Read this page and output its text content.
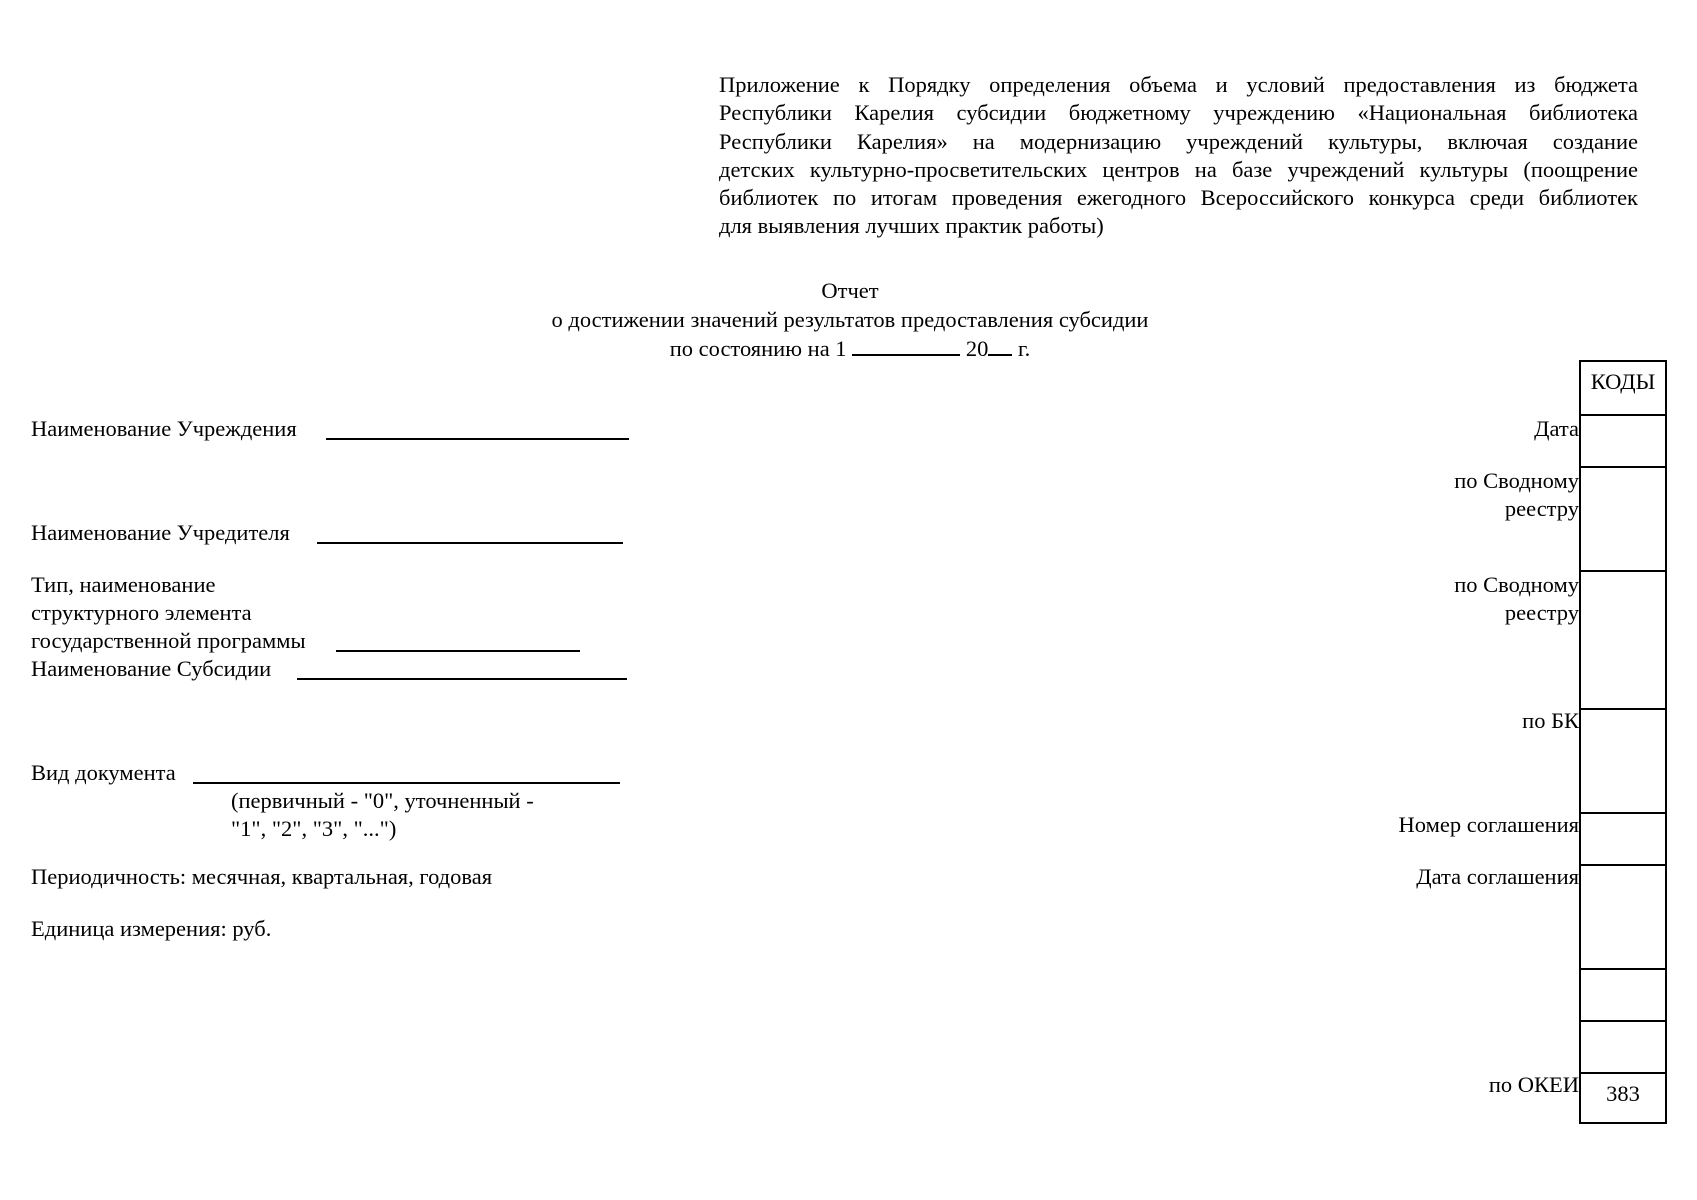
Приложение к Порядку определения объема и условий предоставления из бюджета
Республики Карелия субсидии бюджетному учреждению «Национальная библиотека
Республики Карелия» на модернизацию учреждений культуры, включая создание
детских культурно-просветительских центров на базе учреждений культуры (поощрение
библиотек по итогам проведения ежегодного Всероссийского конкурса среди библиотек
для выявления лучших практик работы)
Отчет
о достижении значений результатов предоставления субсидии
по состоянию на 1	20 г.
Наименование Учреждения
Наименование Учредителя
Тип, наименование
структурного элемента
государственной программы
Наименование Субсидии
Вид документа
(первичный - "0", уточненный -
"1", "2", "3", "...")
Периодичность: месячная, квартальная, годовая
Единица измерения: руб.
Дата
по Сводному
реестру
по Сводному
реестру
по БК
Номер соглашения
Дата соглашения
по ОКЕИ
КОДЫ
383
